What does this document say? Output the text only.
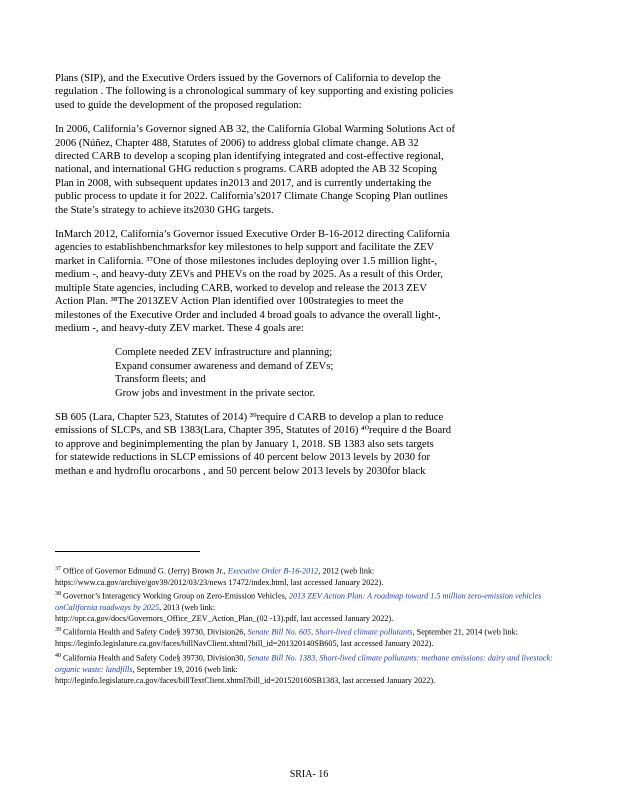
Plans (SIP), and the Executive Orders issued by the Governors of California to develop the

regulation . The following is a chronological summary of key supporting and existing policies

used to guide the development of the proposed regulation:

In 2006, California’s Governor signed AB 32, the California Global Warming Solutions Act of

2006 (Núñez, Chapter 488, Statutes of 2006) to address global climate change. AB 32

directed CARB to develop a scoping plan identifying integrated and cost-effective regional,

national, and international GHG reduction s programs. CARB adopted the AB 32 Scoping

Plan in 2008, with subsequent updates in2013 and 2017, and is currently undertaking the

public process to update it for 2022. California’s2017 Climate Change Scoping Plan outlines

the State’s strategy to achieve its2030 GHG targets.

InMarch 2012, California’s Governor issued Executive Order B-16-2012 directing California

agencies to establishbenchmarksfor key milestones to help support and facilitate the ZEV

market in California. ³⁷One of those milestones includes deploying over 1.5 million light-,

medium -, and heavy-duty ZEVs and PHEVs on the road by 2025. As a result of this Order,

multiple State agencies, including CARB, worked to develop and release the 2013 ZEV

Action Plan. ³⁸The 2013ZEV Action Plan identified over 100strategies to meet the

milestones of the Executive Order and included 4 broad goals to advance the overall light-,

medium -, and heavy-duty ZEV market. These 4 goals are:

Complete needed ZEV infrastructure and planning;
Expand consumer awareness and demand of ZEVs;
Transform fleets; and
Grow jobs and investment in the private sector.

SB 605 (Lara, Chapter 523, Statutes of 2014) ³⁹require d CARB to develop a plan to reduce

emissions of SLCPs, and SB 1383(Lara, Chapter 395, Statutes of 2016) ⁴⁰require d the Board

to approve and beginimplementing the plan by January 1, 2018. SB 1383 also sets targets

for statewide reductions in SLCP emissions of 40 percent below 2013 levels by 2030 for

methan e and hydroflu orocarbons , and 50 percent below 2013 levels by 2030for black

$^{37}$ Office of Governor Edmund G. (Jerry) Brown Jr., Executive Order B-16-2012, 2012 (web link:
https://www.ca.gov/archive/gov39/2012/03/23/news 17472/index.html, last accessed January 2022).
$^{38}$ Governor’s Interagency Working Group on Zero-Emission Vehicles, 2013 ZEV Action Plan: A roadmap toward 1.5 million zero-emission vehicles onCalifornia roadways by 2025, 2013 (web link:
http://opr.ca.gov/docs/Governors_Office_ZEV_Action_Plan_(02 -13).pdf, last accessed January 2022).
$^{39}$ California Health and Safety Code§ 39730, Division26, Senate Bill No. 605, Short-lived climate pollutants, September 21, 2014 (web link:
https://leginfo.legislature.ca.gov/faces/billNavClient.xhtml?bill_id=201320140SB605, last accessed January 2022).
$^{40}$ California Health and Safety Code§ 39730, Division30, Senate Bill No. 1383, Short-lived climate pollutants: methane emissions: dairy and livestock: organic waste: landfills, September 19, 2016 (web link:
http://leginfo.legislature.ca.gov/faces/billTextClient.xhtml?bill_id=201520160SB1383, last accessed January 2022).
SRIA- 16
